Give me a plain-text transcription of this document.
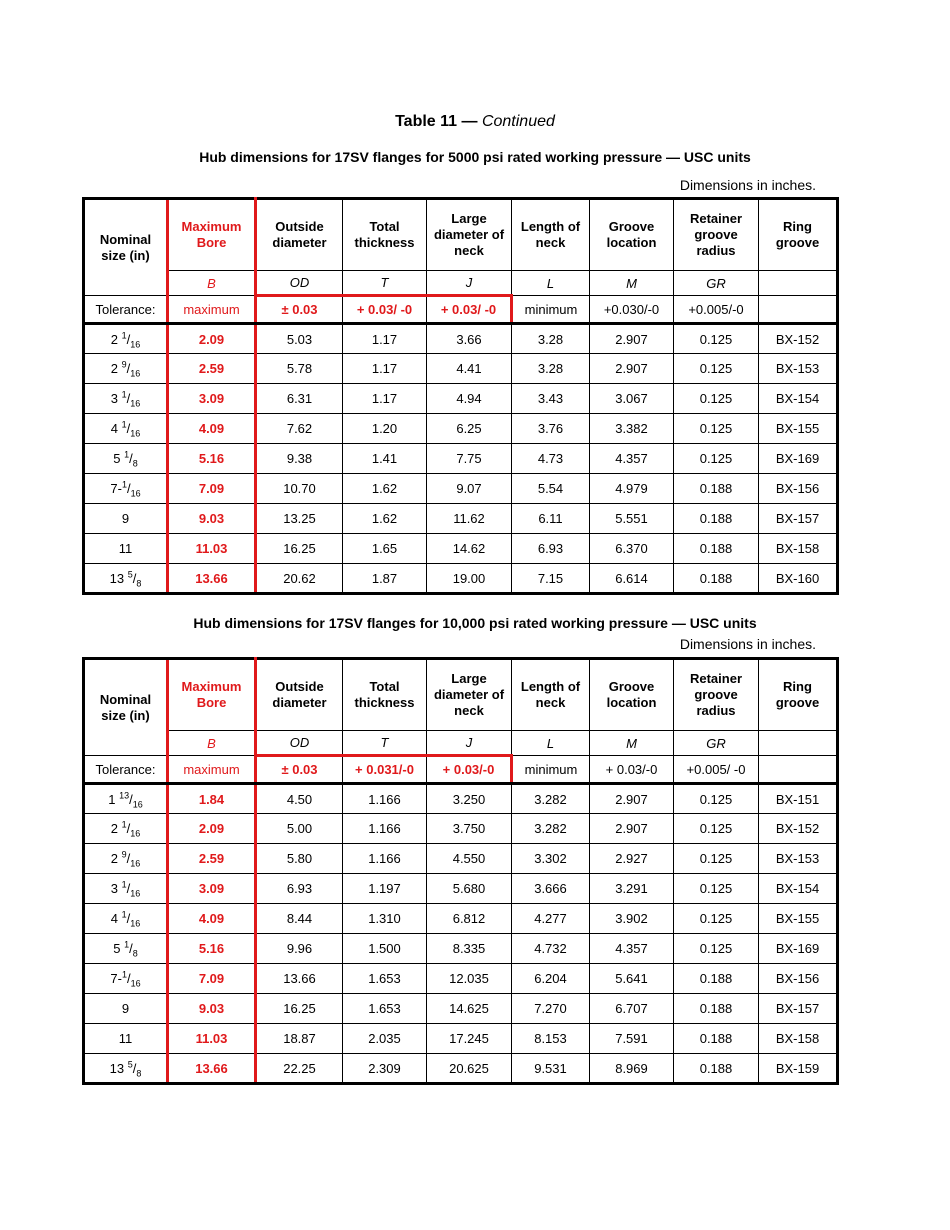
Table 11 — Continued
Hub dimensions for 17SV flanges for 5000 psi rated working pressure — USC units
Dimensions in inches.
Nominal size (in)	Maximum Bore	Outside diameter	Total thickness	Large diameter of neck	Length of neck	Groove location	Retainer groove radius	Ring groove
	B	OD	T	J	L	M	GR	
Tolerance:	maximum	± 0.03	+ 0.03/ -0	+ 0.03/ -0	minimum	+0.030/-0	+0.005/-0	
2 $^1/_{16}$	2.09	5.03	1.17	3.66	3.28	2.907	0.125	BX-152
2 $^9/_{16}$	2.59	5.78	1.17	4.41	3.28	2.907	0.125	BX-153
3 $^1/_{16}$	3.09	6.31	1.17	4.94	3.43	3.067	0.125	BX-154
4 $^1/_{16}$	4.09	7.62	1.20	6.25	3.76	3.382	0.125	BX-155
5 $^1/_8$	5.16	9.38	1.41	7.75	4.73	4.357	0.125	BX-169
$7-^1/_{16}$	7.09	10.70	1.62	9.07	5.54	4.979	0.188	BX-156
9	9.03	13.25	1.62	11.62	6.11	5.551	0.188	BX-157
11	11.03	16.25	1.65	14.62	6.93	6.370	0.188	BX-158
13 $^5/_8$	13.66	20.62	1.87	19.00	7.15	6.614	0.188	BX-160
Hub dimensions for 17SV flanges for 10,000 psi rated working pressure — USC units
Dimensions in inches.
Nominal size (in)	Maximum Bore	Outside diameter	Total thickness	Large diameter of neck	Length of neck	Groove location	Retainer groove radius	Ring groove
	B	OD	T	J	L	M	GR	
Tolerance:	maximum	± 0.03	+ 0.031/-0	+ 0.03/-0	minimum	+ 0.03/-0	+0.005/ -0	
1 $^{13}/_{16}$	1.84	4.50	1.166	3.250	3.282	2.907	0.125	BX-151
2 $^1/_{16}$	2.09	5.00	1.166	3.750	3.282	2.907	0.125	BX-152
2 $^9/_{16}$	2.59	5.80	1.166	4.550	3.302	2.927	0.125	BX-153
3 $^1/_{16}$	3.09	6.93	1.197	5.680	3.666	3.291	0.125	BX-154
4 $^1/_{16}$	4.09	8.44	1.310	6.812	4.277	3.902	0.125	BX-155
5 $^1/_8$	5.16	9.96	1.500	8.335	4.732	4.357	0.125	BX-169
$7-^1/_{16}$	7.09	13.66	1.653	12.035	6.204	5.641	0.188	BX-156
9	9.03	16.25	1.653	14.625	7.270	6.707	0.188	BX-157
11	11.03	18.87	2.035	17.245	8.153	7.591	0.188	BX-158
13 $^5/_8$	13.66	22.25	2.309	20.625	9.531	8.969	0.188	BX-159
